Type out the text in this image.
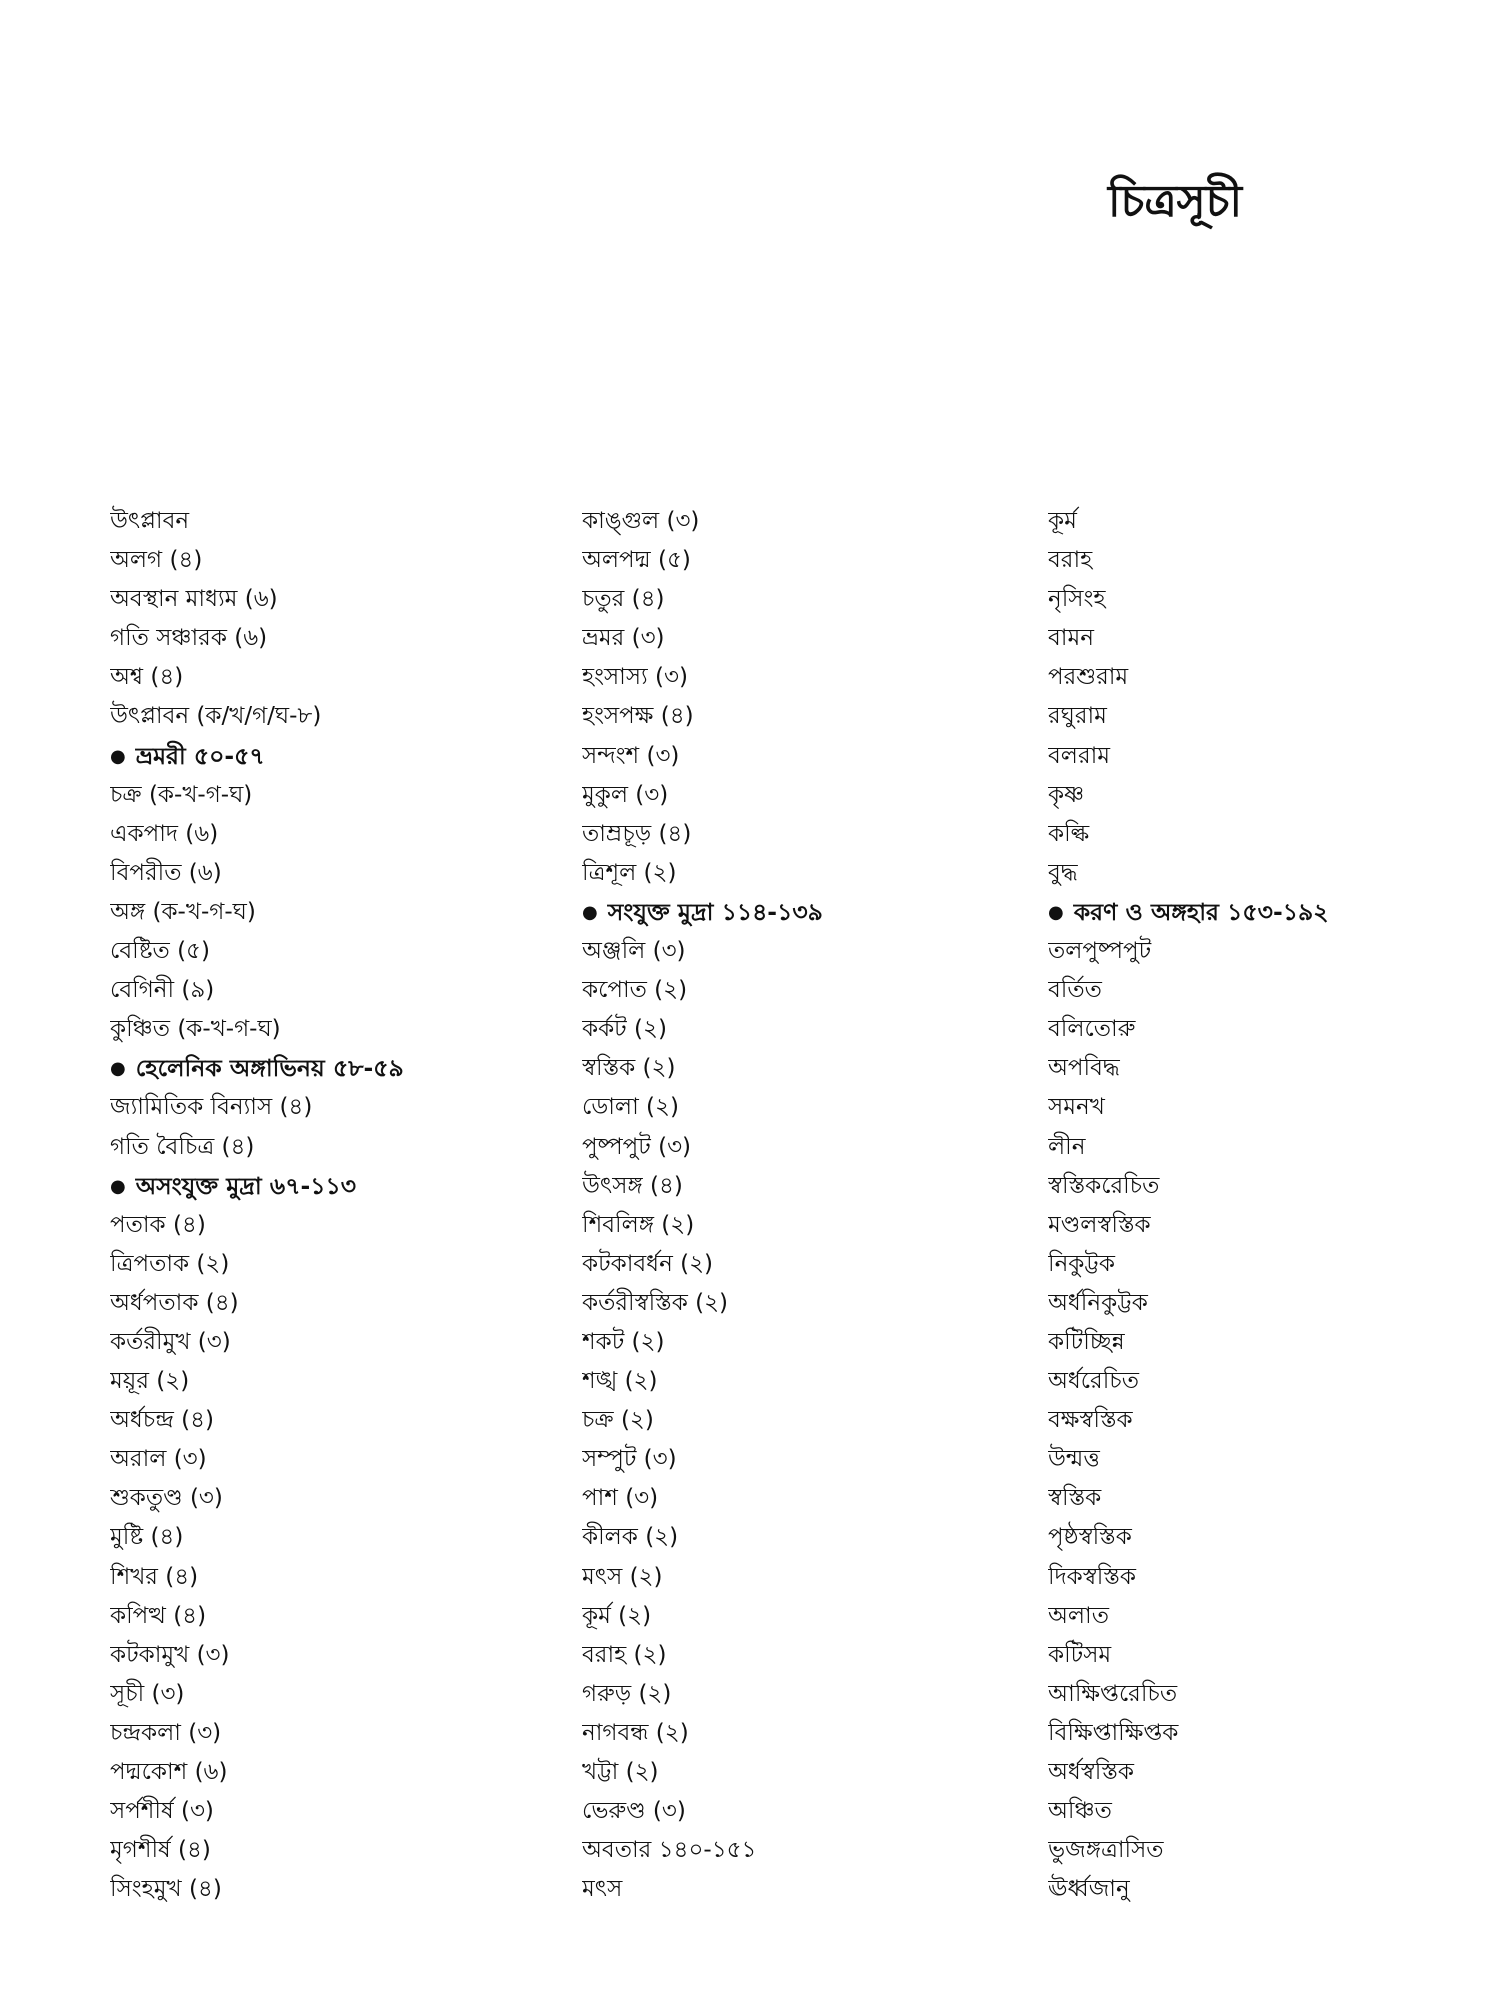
চিত্রসূচী
উৎপ্লাবন
অলগ (৪)
অবস্থান মাধ্যম (৬)
গতি সঞ্চারক (৬)
অশ্ব (৪)
উৎপ্লাবন (ক/খ/গ/ঘ-৮)
● ভ্রমরী ৫০-৫৭
চক্র (ক-খ-গ-ঘ)
একপাদ (৬)
বিপরীত (৬)
অঙ্গ (ক-খ-গ-ঘ)
বেষ্টিত (৫)
বেগিনী (৯)
কুঞ্চিত (ক-খ-গ-ঘ)
● হেলেনিক অঙ্গাভিনয় ৫৮-৫৯
জ্যামিতিক বিন্যাস (৪)
গতি বৈচিত্র (৪)
● অসংযুক্ত মুদ্রা ৬৭-১১৩
পতাক (৪)
ত্রিপতাক (২)
অর্ধপতাক (৪)
কর্তরীমুখ (৩)
ময়ূর (২)
অর্ধচন্দ্র (৪)
অরাল (৩)
শুকতুণ্ড (৩)
মুষ্টি (৪)
শিখর (৪)
কপিত্থ (৪)
কটকামুখ (৩)
সূচী (৩)
চন্দ্রকলা (৩)
পদ্মকোশ (৬)
সর্পশীর্ষ (৩)
মৃগশীর্ষ (৪)
সিংহমুখ (৪)
কাঙ্গুল (৩)
অলপদ্ম (৫)
চতুর (৪)
ভ্রমর (৩)
হংসাস্য (৩)
হংসপক্ষ (৪)
সন্দংশ (৩)
মুকুল (৩)
তাম্রচূড় (৪)
ত্রিশূল (২)
● সংযুক্ত মুদ্রা ১১৪-১৩৯
অঞ্জলি (৩)
কপোত (২)
কর্কট (২)
স্বস্তিক (২)
ডোলা (২)
পুষ্পপুট (৩)
উৎসঙ্গ (৪)
শিবলিঙ্গ (২)
কটকাবর্ধন (২)
কর্তরীস্বস্তিক (২)
শকট (২)
শঙ্খ (২)
চক্র (২)
সম্পুট (৩)
পাশ (৩)
কীলক (২)
মৎস (২)
কূর্ম (২)
বরাহ (২)
গরুড় (২)
নাগবন্ধ (২)
খট্টা (২)
ভেরুণ্ড (৩)
অবতার ১৪০-১৫১
মৎস
কূর্ম
বরাহ
নৃসিংহ
বামন
পরশুরাম
রঘুরাম
বলরাম
কৃষ্ণ
কল্কি
বুদ্ধ
● করণ ও অঙ্গহার ১৫৩-১৯২
তলপুষ্পপুট
বর্তিত
বলিতোরু
অপবিদ্ধ
সমনখ
লীন
স্বস্তিকরেচিত
মণ্ডলস্বস্তিক
নিকুট্টক
অর্ধনিকুট্টক
কটিচ্ছিন্ন
অর্ধরেচিত
বক্ষস্বস্তিক
উন্মত্ত
স্বস্তিক
পৃষ্ঠস্বস্তিক
দিকস্বস্তিক
অলাত
কটিসম
আক্ষিপ্তরেচিত
বিক্ষিপ্তাক্ষিপ্তক
অর্ধস্বস্তিক
অঞ্চিত
ভুজঙ্গত্রাসিত
ঊর্ধ্বজানু
